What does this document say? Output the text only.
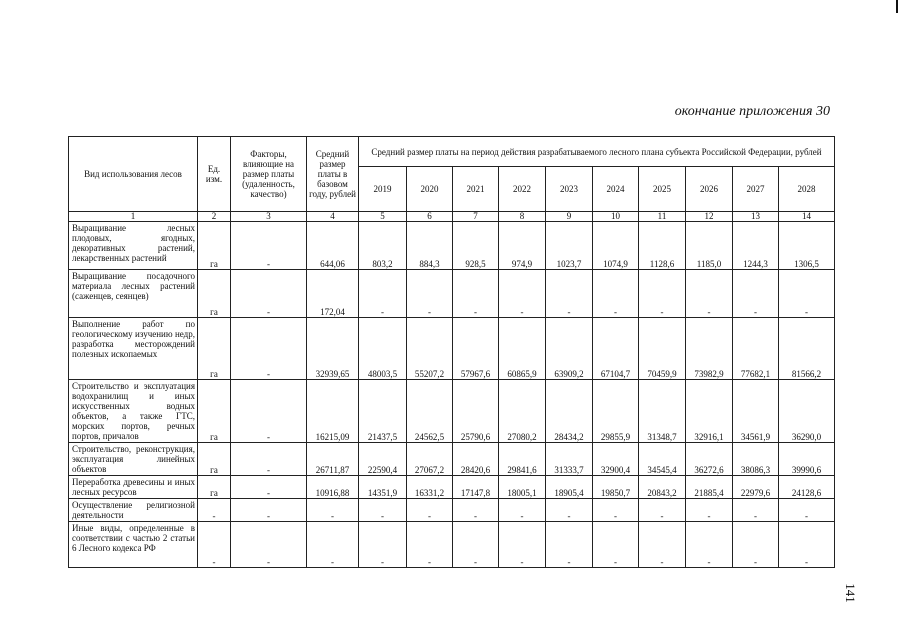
окончание приложения 30
Вид использования лесов	Ед. изм.	Факторы, влияющие на размер платы (удаленность, качество)	Средний размер платы в базовом году, рублей	Средний размер платы на период действия разрабатываемого лесного плана субъекта Российской Федерации, рублей									
				2019	2020	2021	2022	2023	2024	2025	2026	2027	2028
1	2	3	4	5	6	7	8	9	10	11	12	13	14
Выращивание лесных плодовых, ягодных, декоративных растений, лекарственных растений	га	-	644,06	803,2	884,3	928,5	974,9	1023,7	1074,9	1128,6	1185,0	1244,3	1306,5
Выращивание посадочного материала лесных растений (саженцев, сеянцев)	га	-	172,04	-	-	-	-	-	-	-	-	-	-
Выполнение работ по геологическому изучению недр, разработка месторождений полезных ископаемых	га	-	32939,65	48003,5	55207,2	57967,6	60865,9	63909,2	67104,7	70459,9	73982,9	77682,1	81566,2
Строительство и эксплуатация водохранилищ и иных искусственных водных объектов, а также ГТС, морских портов, речных портов, причалов	га	-	16215,09	21437,5	24562,5	25790,6	27080,2	28434,2	29855,9	31348,7	32916,1	34561,9	36290,0
Строительство, реконструкция, эксплуатация линейных объектов	га	-	26711,87	22590,4	27067,2	28420,6	29841,6	31333,7	32900,4	34545,4	36272,6	38086,3	39990,6
Переработка древесины и иных лесных ресурсов	га	-	10916,88	14351,9	16331,2	17147,8	18005,1	18905,4	19850,7	20843,2	21885,4	22979,6	24128,6
Осуществление религиозной деятельности	-	-	-	-	-	-	-	-	-	-	-	-	-
Иные виды, определенные в соответствии с частью 2 статьи 6 Лесного кодекса РФ	-	-	-	-	-	-	-	-	-	-	-	-	-
141
